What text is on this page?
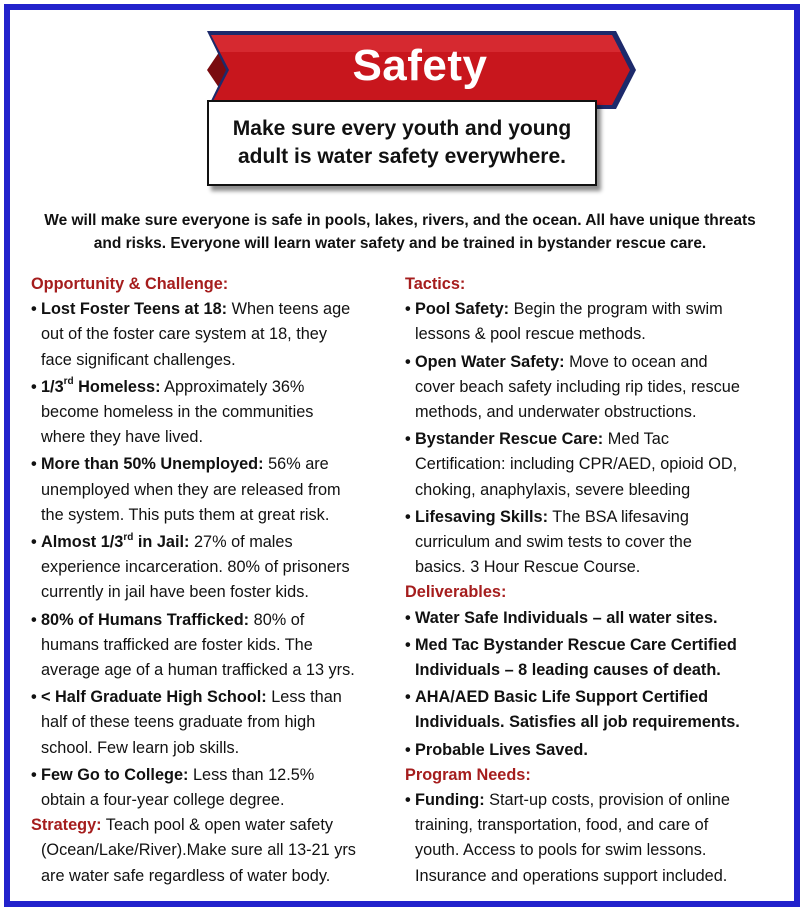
Safety
Make sure every youth and young adult is water safety everywhere.
We will make sure everyone is safe in pools, lakes, rivers, and the ocean. All have unique threats and risks. Everyone will learn water safety and be trained in bystander rescue care.
Opportunity & Challenge:
• Lost Foster Teens at 18: When teens age
out of the foster care system at 18, they
face significant challenges.
• 1/3rd Homeless: Approximately 36%
become homeless in the communities
where they have lived.
• More than 50% Unemployed: 56% are
unemployed when they are released from
the system. This puts them at great risk.
• Almost 1/3rd in Jail: 27% of males
experience incarceration. 80% of prisoners
currently in jail have been foster kids.
• 80% of Humans Trafficked: 80% of
humans trafficked are foster kids. The
average age of a human trafficked a 13 yrs.
• < Half Graduate High School: Less than
half of these teens graduate from high
school. Few learn job skills.
• Few Go to College: Less than 12.5%
obtain a four-year college degree.
Strategy: Teach pool & open water safety
(Ocean/Lake/River).Make sure all 13-21 yrs
are water safe regardless of water body.
Tactics:
• Pool Safety: Begin the program with swim
lessons & pool rescue methods.
• Open Water Safety: Move to ocean and
cover beach safety including rip tides, rescue
methods, and underwater obstructions.
• Bystander Rescue Care: Med Tac
Certification: including CPR/AED, opioid OD,
choking, anaphylaxis, severe bleeding
• Lifesaving Skills: The BSA lifesaving
curriculum and swim tests to cover the
basics. 3 Hour Rescue Course.
Deliverables:
• Water Safe Individuals – all water sites.
• Med Tac Bystander Rescue Care Certified
Individuals – 8 leading causes of death.
• AHA/AED Basic Life Support Certified
Individuals. Satisfies all job requirements.
• Probable Lives Saved.
Program Needs:
• Funding: Start-up costs, provision of online
training, transportation, food, and care of
youth. Access to pools for swim lessons.
Insurance and operations support included.
